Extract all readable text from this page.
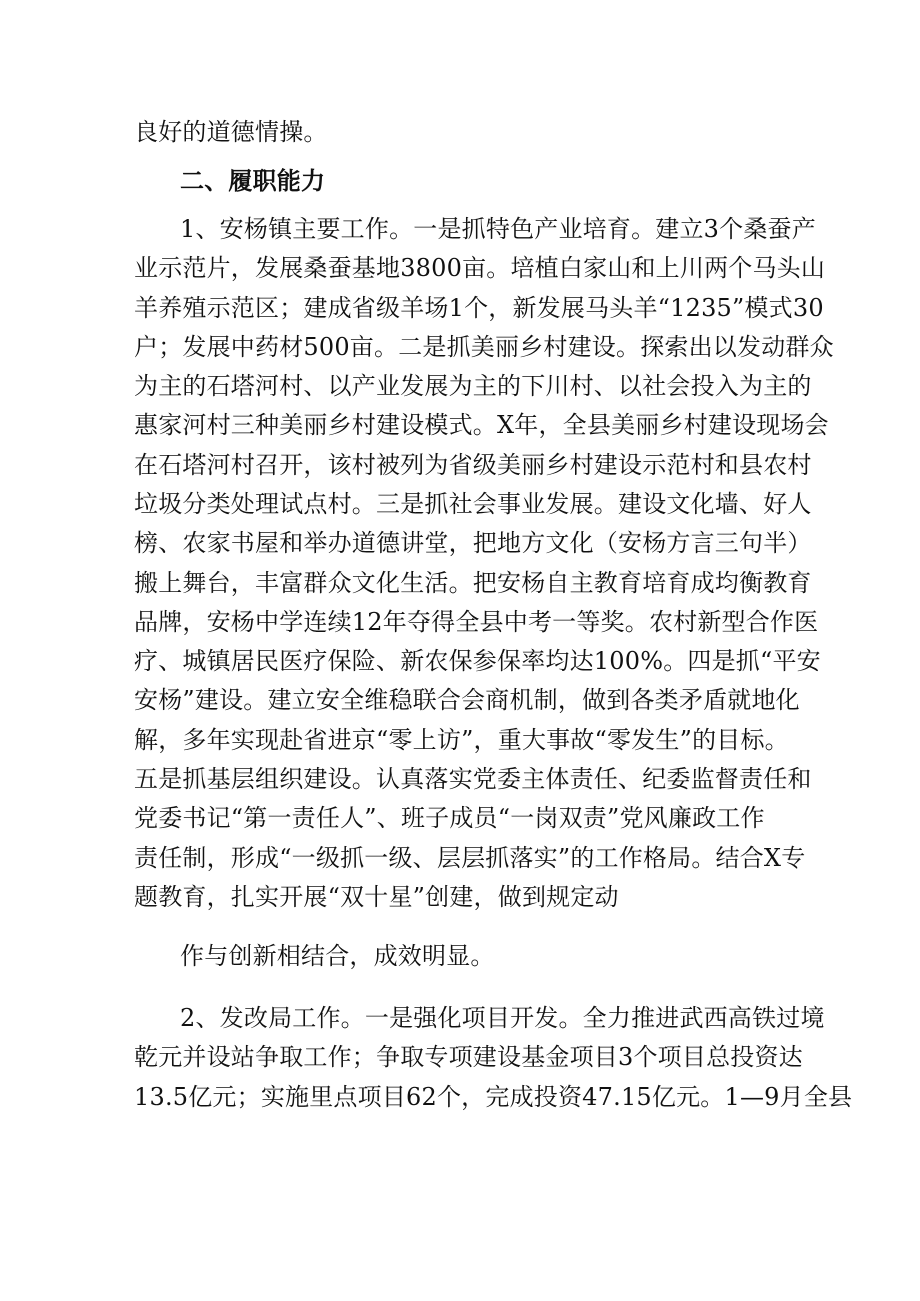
良好的道德情操。
二、履职能力
1、安杨镇主要工作。一是抓特色产业培育。建立3个桑蚕产
业示范片，发展桑蚕基地3800亩。培植白家山和上川两个马头山
羊养殖示范区；建成省级羊场1个，新发展马头羊“1235”模式30
户；发展中药材500亩。二是抓美丽乡村建设。探索出以发动群众
为主的石塔河村、以产业发展为主的下川村、以社会投入为主的
惠家河村三种美丽乡村建设模式。X年，全县美丽乡村建设现场会
在石塔河村召开，该村被列为省级美丽乡村建设示范村和县农村
垃圾分类处理试点村。三是抓社会事业发展。建设文化墙、好人
榜、农家书屋和举办道德讲堂，把地方文化（安杨方言三句半）
搬上舞台，丰富群众文化生活。把安杨自主教育培育成均衡教育
品牌，安杨中学连续12年夺得全县中考一等奖。农村新型合作医
疗、城镇居民医疗保险、新农保参保率均达100%。四是抓“平安
安杨”建设。建立安全维稳联合会商机制，做到各类矛盾就地化
解，多年实现赴省进京“零上访”，重大事故“零发生”的目标。
五是抓基层组织建设。认真落实党委主体责任、纪委监督责任和
党委书记“第一责任人”、班子成员“一岗双责”党风廉政工作
责任制，形成“一级抓一级、层层抓落实”的工作格局。结合X专
题教育，扎实开展“双十星”创建，做到规定动
作与创新相结合，成效明显。
2、发改局工作。一是强化项目开发。全力推进武西高铁过境
乾元并设站争取工作；争取专项建设基金项目3个项目总投资达
13.5亿元；实施里点项目62个，完成投资47.15亿元。1—9月全县
